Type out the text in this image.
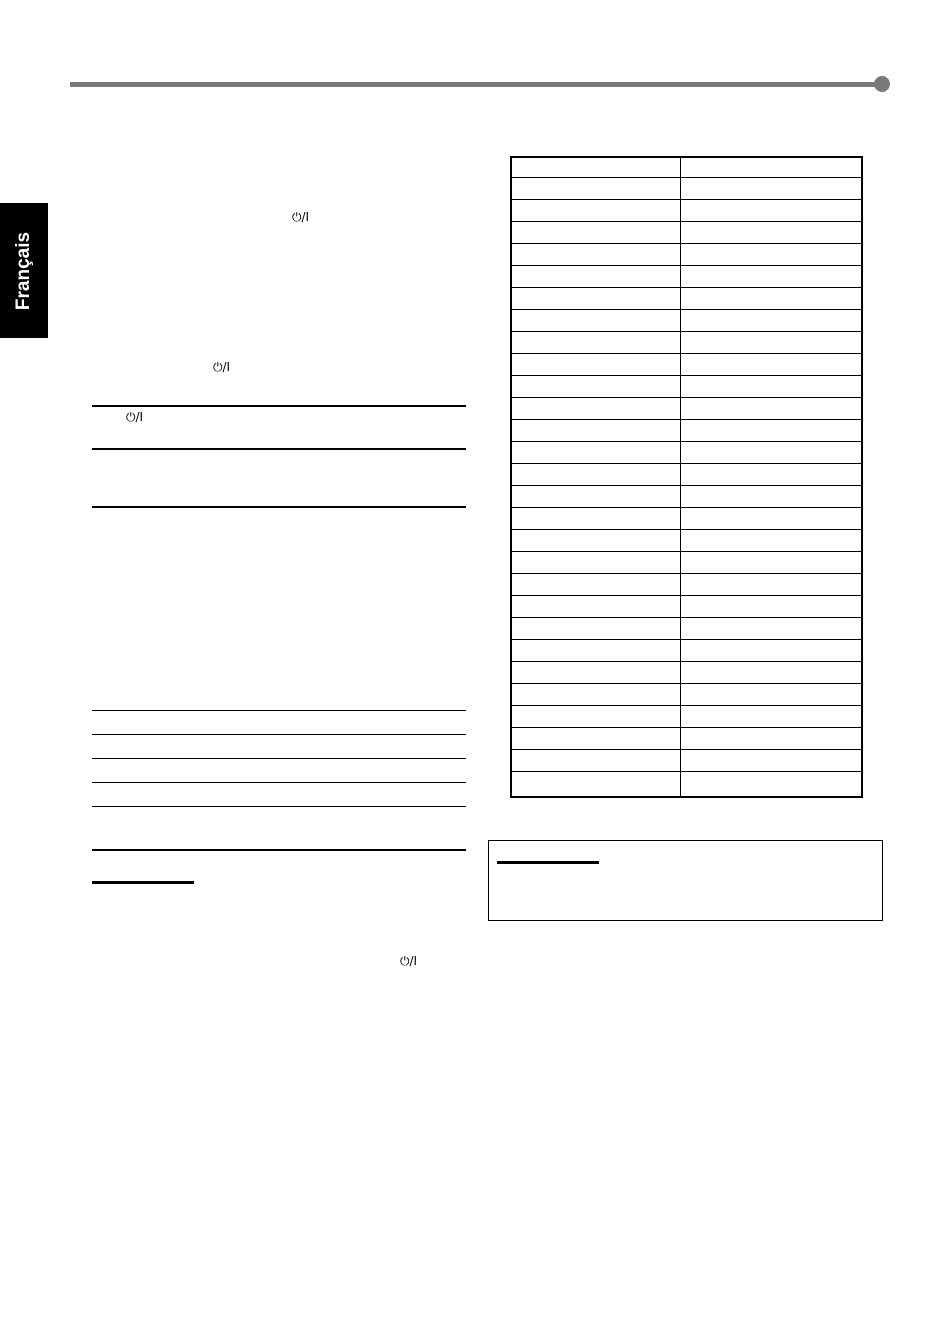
Français
⏻/I
⏻/I
⏻/I
⏻/I
